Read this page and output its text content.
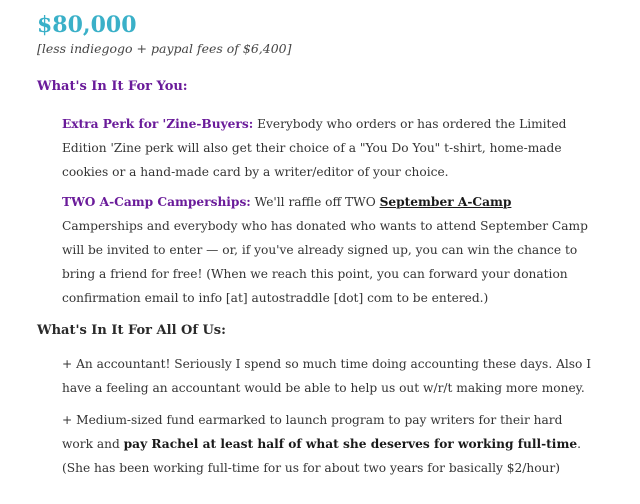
$80,000
[less indiegogo + paypal fees of $6,400]
What's In It For You:
Extra Perk for 'Zine-Buyers: Everybody who orders or has ordered the Limited Edition 'Zine perk will also get their choice of a "You Do You" t-shirt, home-made cookies or a hand-made card by a writer/editor of your choice.
TWO A-Camp Camperships: We'll raffle off TWO September A-Camp Camperships and everybody who has donated who wants to attend September Camp will be invited to enter — or, if you've already signed up, you can win the chance to bring a friend for free! (When we reach this point, you can forward your donation confirmation email to info [at] autostraddle [dot] com to be entered.)
What's In It For All Of Us:
+ An accountant! Seriously I spend so much time doing accounting these days. Also I have a feeling an accountant would be able to help us out w/r/t making more money.
+ Medium-sized fund earmarked to launch program to pay writers for their hard work and pay Rachel at least half of what she deserves for working full-time. (She has been working full-time for us for about two years for basically $2/hour)
